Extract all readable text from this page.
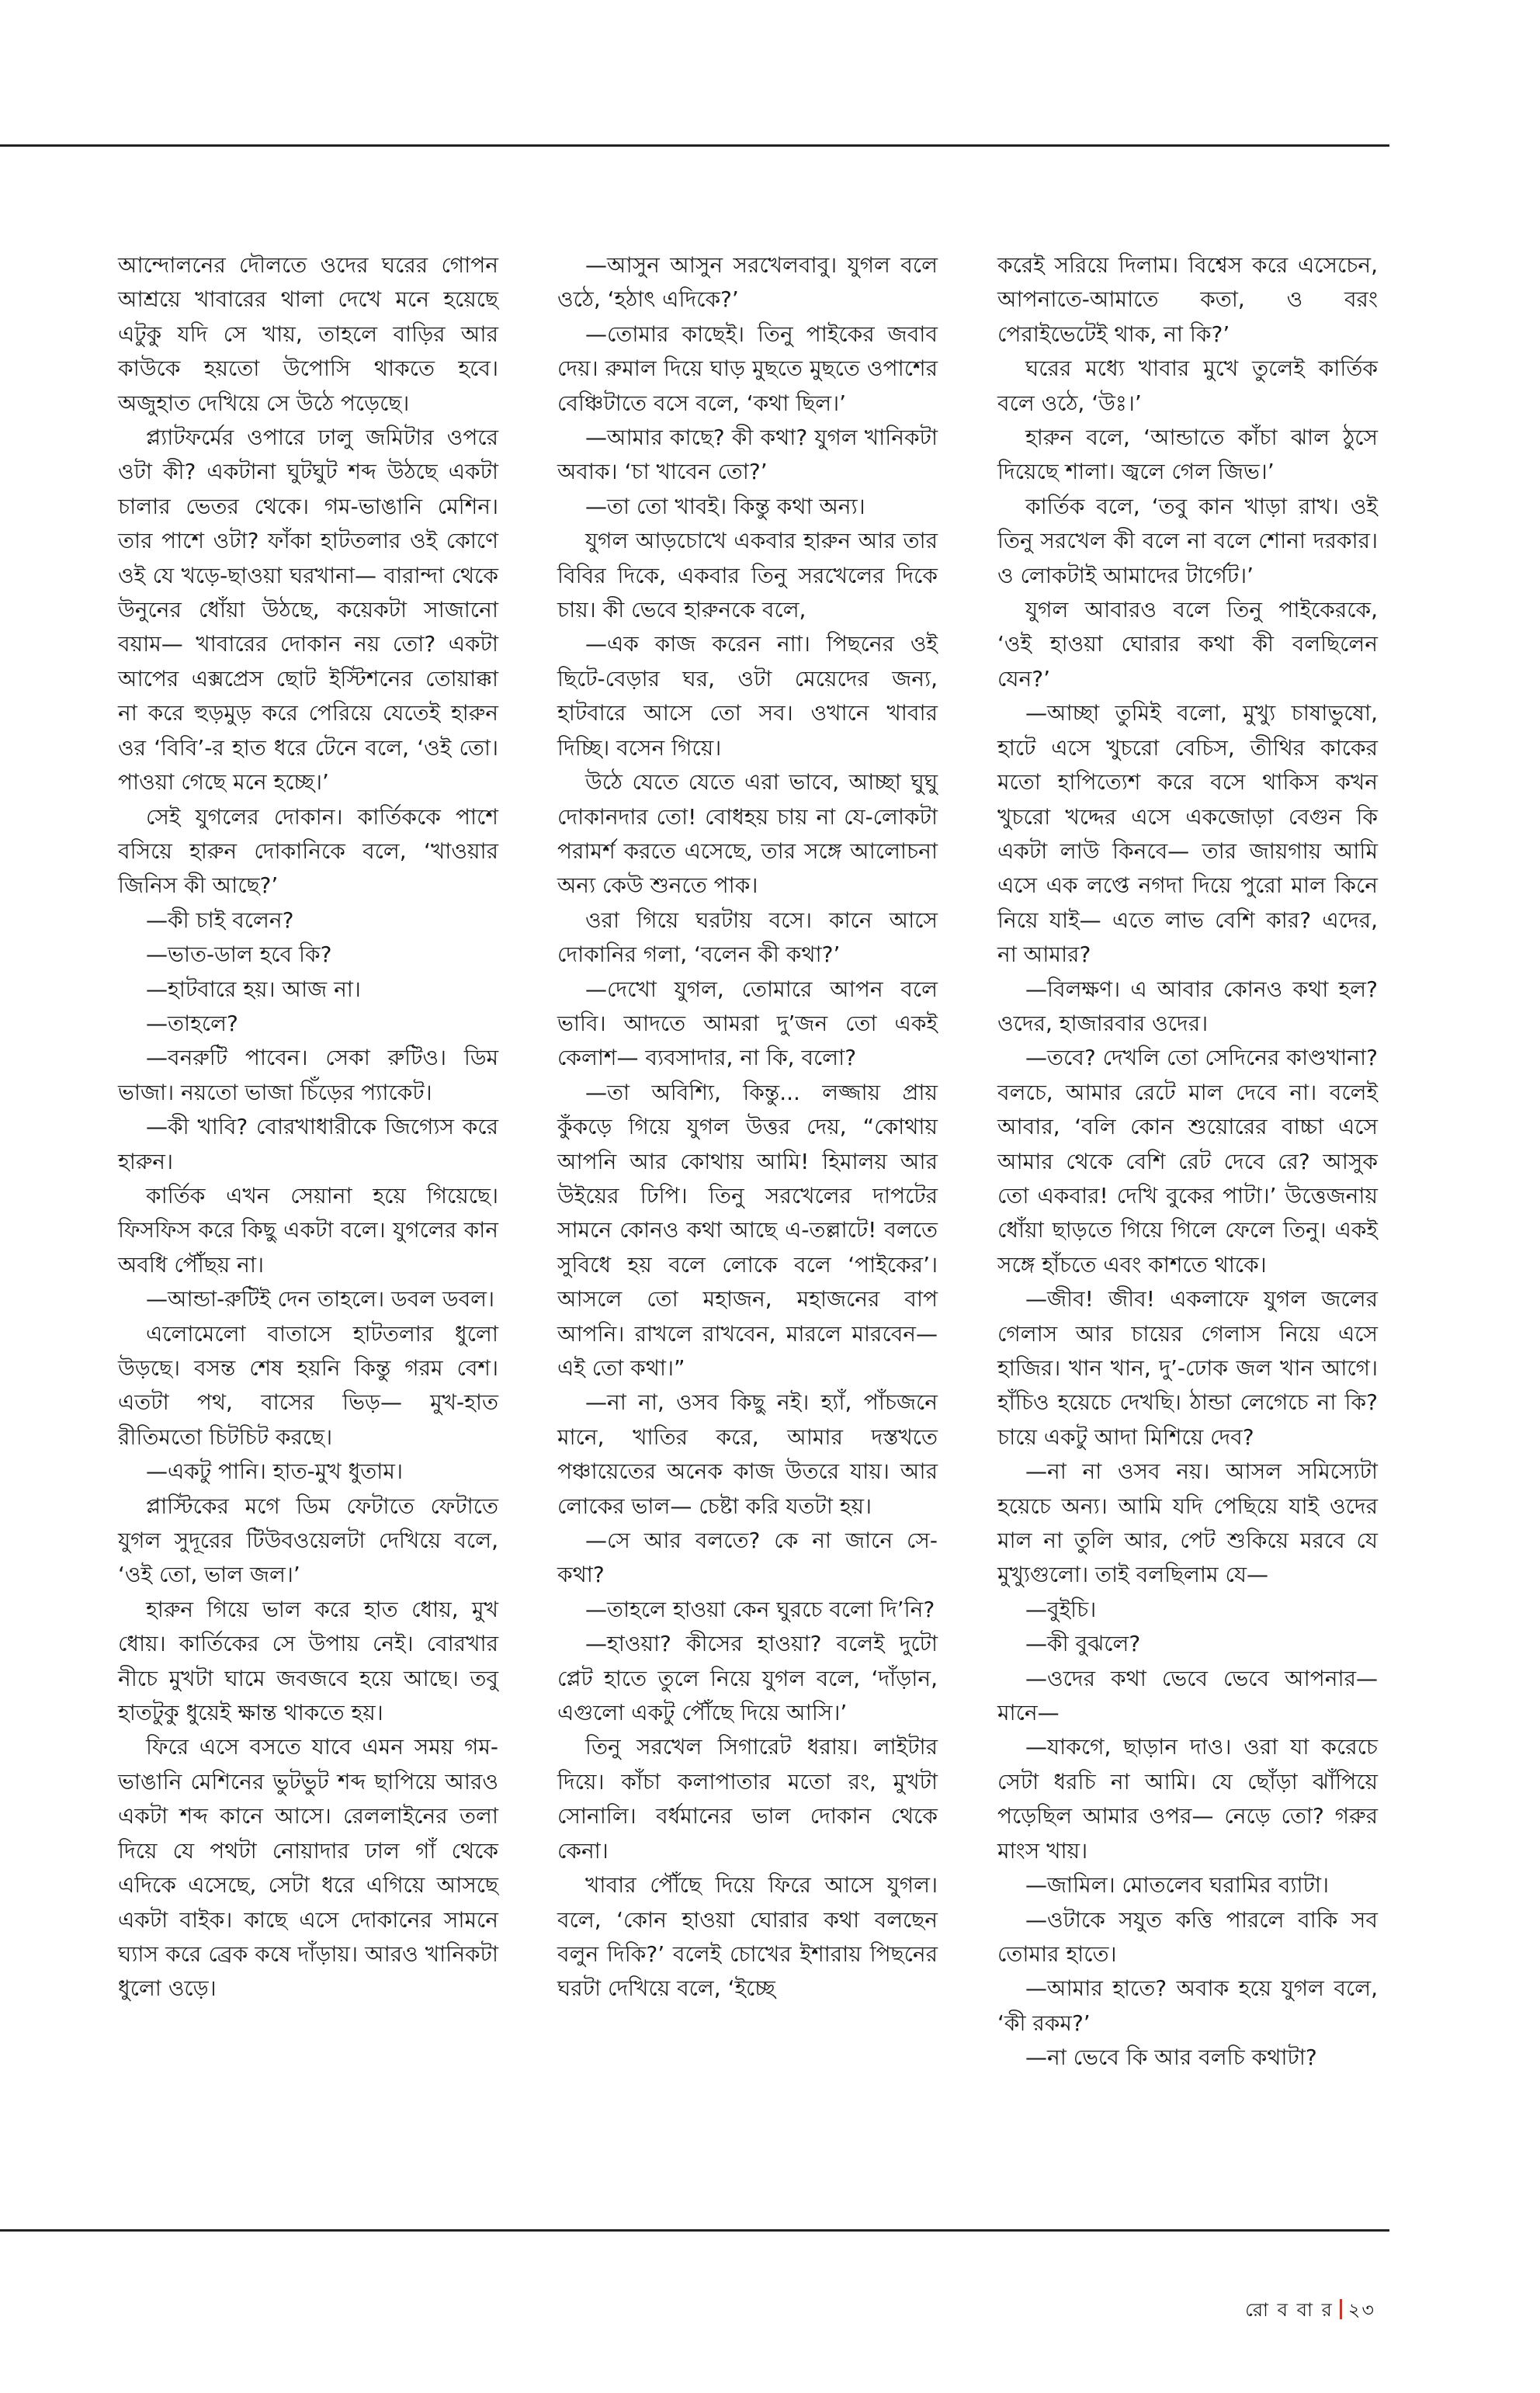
আন্দোলনের দৌলতে ওদের ঘরের গোপন আশ্রয়ে খাবারের থালা দেখে মনে হয়েছে এটুকু যদি সে খায়, তাহলে বাড়ির আর কাউকে হয়তো উপোসি থাকতে হবে। অজুহাত দেখিয়ে সে উঠে পড়েছে।

প্ল্যাটফর্মের ওপারে ঢালু জমিটার ওপরে ওটা কী? একটানা ঘুটঘুট শব্দ উঠছে একটা চালার ভেতর থেকে। গম-ভাঙানি মেশিন। তার পাশে ওটা? ফাঁকা হাটতলার ওই কোণে ওই যে খড়ে-ছাওয়া ঘরখানা— বারান্দা থেকে উনুনের ধোঁয়া উঠছে, কয়েকটা সাজানো বয়াম— খাবারের দোকান নয় তো? একটা আপের এক্সপ্রেস ছোট ইস্টিশনের তোয়াক্কা না করে হুড়মুড় করে পেরিয়ে যেতেই হারুন ওর ‘বিবি’-র হাত ধরে টেনে বলে, ‘ওই তো। পাওয়া গেছে মনে হচ্ছে।’

সেই যুগলের দোকান। কার্তিককে পাশে বসিয়ে হারুন দোকানিকে বলে, ‘খাওয়ার জিনিস কী আছে?’

—কী চাই বলেন?

—ভাত-ডাল হবে কি?

—হাটবারে হয়। আজ না।

—তাহলে?

—বনরুটি পাবেন। সেকা রুটিও। ডিম ভাজা। নয়তো ভাজা চিঁড়ের প্যাকেট।

—কী খাবি? বোরখাধারীকে জিগ্যেস করে হারুন।

কার্তিক এখন সেয়ানা হয়ে গিয়েছে। ফিসফিস করে কিছু একটা বলে। যুগলের কান অবধি পৌঁছয় না।

—আন্ডা-রুটিই দেন তাহলে। ডবল ডবল।

এলোমেলো বাতাসে হাটতলার ধুলো উড়ছে। বসন্ত শেষ হয়নি কিন্তু গরম বেশ। এতটা পথ, বাসের ভিড়— মুখ-হাত রীতিমতো চিটচিট করছে।

—একটু পানি। হাত-মুখ ধুতাম।

প্লাস্টিকের মগে ডিম ফেটাতে ফেটাতে যুগল সুদূরের টিউবওয়েলটা দেখিয়ে বলে, ‘ওই তো, ভাল জল।’

হারুন গিয়ে ভাল করে হাত ধোয়, মুখ ধোয়। কার্তিকের সে উপায় নেই। বোরখার নীচে মুখটা ঘামে জবজবে হয়ে আছে। তবু হাতটুকু ধুয়েই ক্ষান্ত থাকতে হয়।

ফিরে এসে বসতে যাবে এমন সময় গম-ভাঙানি মেশিনের ভুটভুট শব্দ ছাপিয়ে আরও একটা শব্দ কানে আসে। রেললাইনের তলা দিয়ে যে পথটা নোয়াদার ঢাল গাঁ থেকে এদিকে এসেছে, সেটা ধরে এগিয়ে আসছে একটা বাইক। কাছে এসে দোকানের সামনে ঘ্যাস করে ব্রেক কষে দাঁড়ায়। আরও খানিকটা ধুলো ওড়ে।

—আসুন আসুন সরখেলবাবু। যুগল বলে ওঠে, ‘হঠাৎ এদিকে?’

—তোমার কাছেই। তিনু পাইকের জবাব দেয়। রুমাল দিয়ে ঘাড় মুছতে মুছতে ওপাশের বেঞ্চিটাতে বসে বলে, ‘কথা ছিল।’

—আমার কাছে? কী কথা? যুগল খানিকটা অবাক। ‘চা খাবেন তো?’

—তা তো খাবই। কিন্তু কথা অন্য।

যুগল আড়চোখে একবার হারুন আর তার বিবির দিকে, একবার তিনু সরখেলের দিকে চায়। কী ভেবে হারুনকে বলে,

—এক কাজ করেন নাা। পিছনের ওই ছিটে-বেড়ার ঘর, ওটা মেয়েদের জন্য, হাটবারে আসে তো সব। ওখানে খাবার দিচ্ছি। বসেন গিয়ে।

উঠে যেতে যেতে এরা ভাবে, আচ্ছা ঘুঘু দোকানদার তো! বোধহয় চায় না যে-লোকটা পরামর্শ করতে এসেছে, তার সঙ্গে আলোচনা অন্য কেউ শুনতে পাক।

ওরা গিয়ে ঘরটায় বসে। কানে আসে দোকানির গলা, ‘বলেন কী কথা?’

—দেখো যুগল, তোমারে আপন বলে ভাবি। আদতে আমরা দু’জন তো একই কেলাশ— ব্যবসাদার, না কি, বলো?

—তা অবিশ্যি, কিন্তু... লজ্জায় প্রায় কুঁকড়ে গিয়ে যুগল উত্তর দেয়, “কোথায় আপনি আর কোথায় আমি! হিমালয় আর উইয়ের ঢিপি। তিনু সরখেলের দাপটের সামনে কোনও কথা আছে এ-তল্লাটে! বলতে সুবিধে হয় বলে লোকে বলে ‘পাইকের’। আসলে তো মহাজন, মহাজনের বাপ আপনি। রাখলে রাখবেন, মারলে মারবেন— এই তো কথা।”

—না না, ওসব কিছু নই। হ্যাঁ, পাঁচজনে মানে, খাতির করে, আমার দস্তখতে পঞ্চায়েতের অনেক কাজ উতরে যায়। আর লোকের ভাল— চেষ্টা করি যতটা হয়।

—সে আর বলতে? কে না জানে সে-কথা?

—তাহলে হাওয়া কেন ঘুরচে বলো দি’নি?

—হাওয়া? কীসের হাওয়া? বলেই দুটো প্লেট হাতে তুলে নিয়ে যুগল বলে, ‘দাঁড়ান, এগুলো একটু পৌঁছে দিয়ে আসি।’

তিনু সরখেল সিগারেট ধরায়। লাইটার দিয়ে। কাঁচা কলাপাতার মতো রং, মুখটা সোনালি। বর্ধমানের ভাল দোকান থেকে কেনা।

খাবার পৌঁছে দিয়ে ফিরে আসে যুগল। বলে, ‘কোন হাওয়া ঘোরার কথা বলছেন বলুন দিকি?’ বলেই চোখের ইশারায় পিছনের ঘরটা দেখিয়ে বলে, ‘ইচ্ছে

করেই সরিয়ে দিলাম। বিশ্বেস করে এসেচেন, আপনাতে-আমাতে কতা, ও বরং পেরাইভেটেই থাক, না কি?’

ঘরের মধ্যে খাবার মুখে তুলেই কার্তিক বলে ওঠে, ‘উঃ।’

হারুন বলে, ‘আন্ডাতে কাঁচা ঝাল ঠুসে দিয়েছে শালা। জ্বলে গেল জিভ।’

কার্তিক বলে, ‘তবু কান খাড়া রাখ। ওই তিনু সরখেল কী বলে না বলে শোনা দরকার। ও লোকটাই আমাদের টার্গেট।’

যুগল আবারও বলে তিনু পাইকেরকে, ‘ওই হাওয়া ঘোরার কথা কী বলছিলেন যেন?’

—আচ্ছা তুমিই বলো, মুখ্যু চাষাভুষো, হাটে এসে খুচরো বেচিস, তীথির কাকের মতো হাপিত্যেশ করে বসে থাকিস কখন খুচরো খদ্দের এসে একজোড়া বেগুন কি একটা লাউ কিনবে— তার জায়গায় আমি এসে এক লপ্তে নগদা দিয়ে পুরো মাল কিনে নিয়ে যাই— এতে লাভ বেশি কার? এদের, না আমার?

—বিলক্ষণ। এ আবার কোনও কথা হল? ওদের, হাজারবার ওদের।

—তবে? দেখলি তো সেদিনের কাণ্ডখানা? বলচে, আমার রেটে মাল দেবে না। বলেই আবার, ‘বলি কোন শুয়োরের বাচ্চা এসে আমার থেকে বেশি রেট দেবে রে? আসুক তো একবার! দেখি বুকের পাটা।’ উত্তেজনায় ধোঁয়া ছাড়তে গিয়ে গিলে ফেলে তিনু। একই সঙ্গে হাঁচতে এবং কাশতে থাকে।

—জীব! জীব! একলাফে যুগল জলের গেলাস আর চায়ের গেলাস নিয়ে এসে হাজির। খান খান, দু’-ঢোক জল খান আগে। হাঁচিও হয়েচে দেখছি। ঠান্ডা লেগেচে না কি? চায়ে একটু আদা মিশিয়ে দেব?

—না না ওসব নয়। আসল সমিস্যেটা হয়েচে অন্য। আমি যদি পেছিয়ে যাই ওদের মাল না তুলি আর, পেট শুকিয়ে মরবে যে মুখ্যুগুলো। তাই বলছিলাম যে—

—বুইচি।

—কী বুঝলে?

—ওদের কথা ভেবে ভেবে আপনার— মানে—

—যাকগে, ছাড়ান দাও। ওরা যা করেচে সেটা ধরচি না আমি। যে ছোঁড়া ঝাঁপিয়ে পড়েছিল আমার ওপর— নেড়ে তো? গরুর মাংস খায়।

—জামিল। মোতলেব ঘরামির ব্যাটা।

—ওটাকে সযুত কত্তি পারলে বাকি সব তোমার হাতে।

—আমার হাতে? অবাক হয়ে যুগল বলে, ‘কী রকম?’

—না ভেবে কি আর বলচি কথাটা?

রো ব বা র ২৩
